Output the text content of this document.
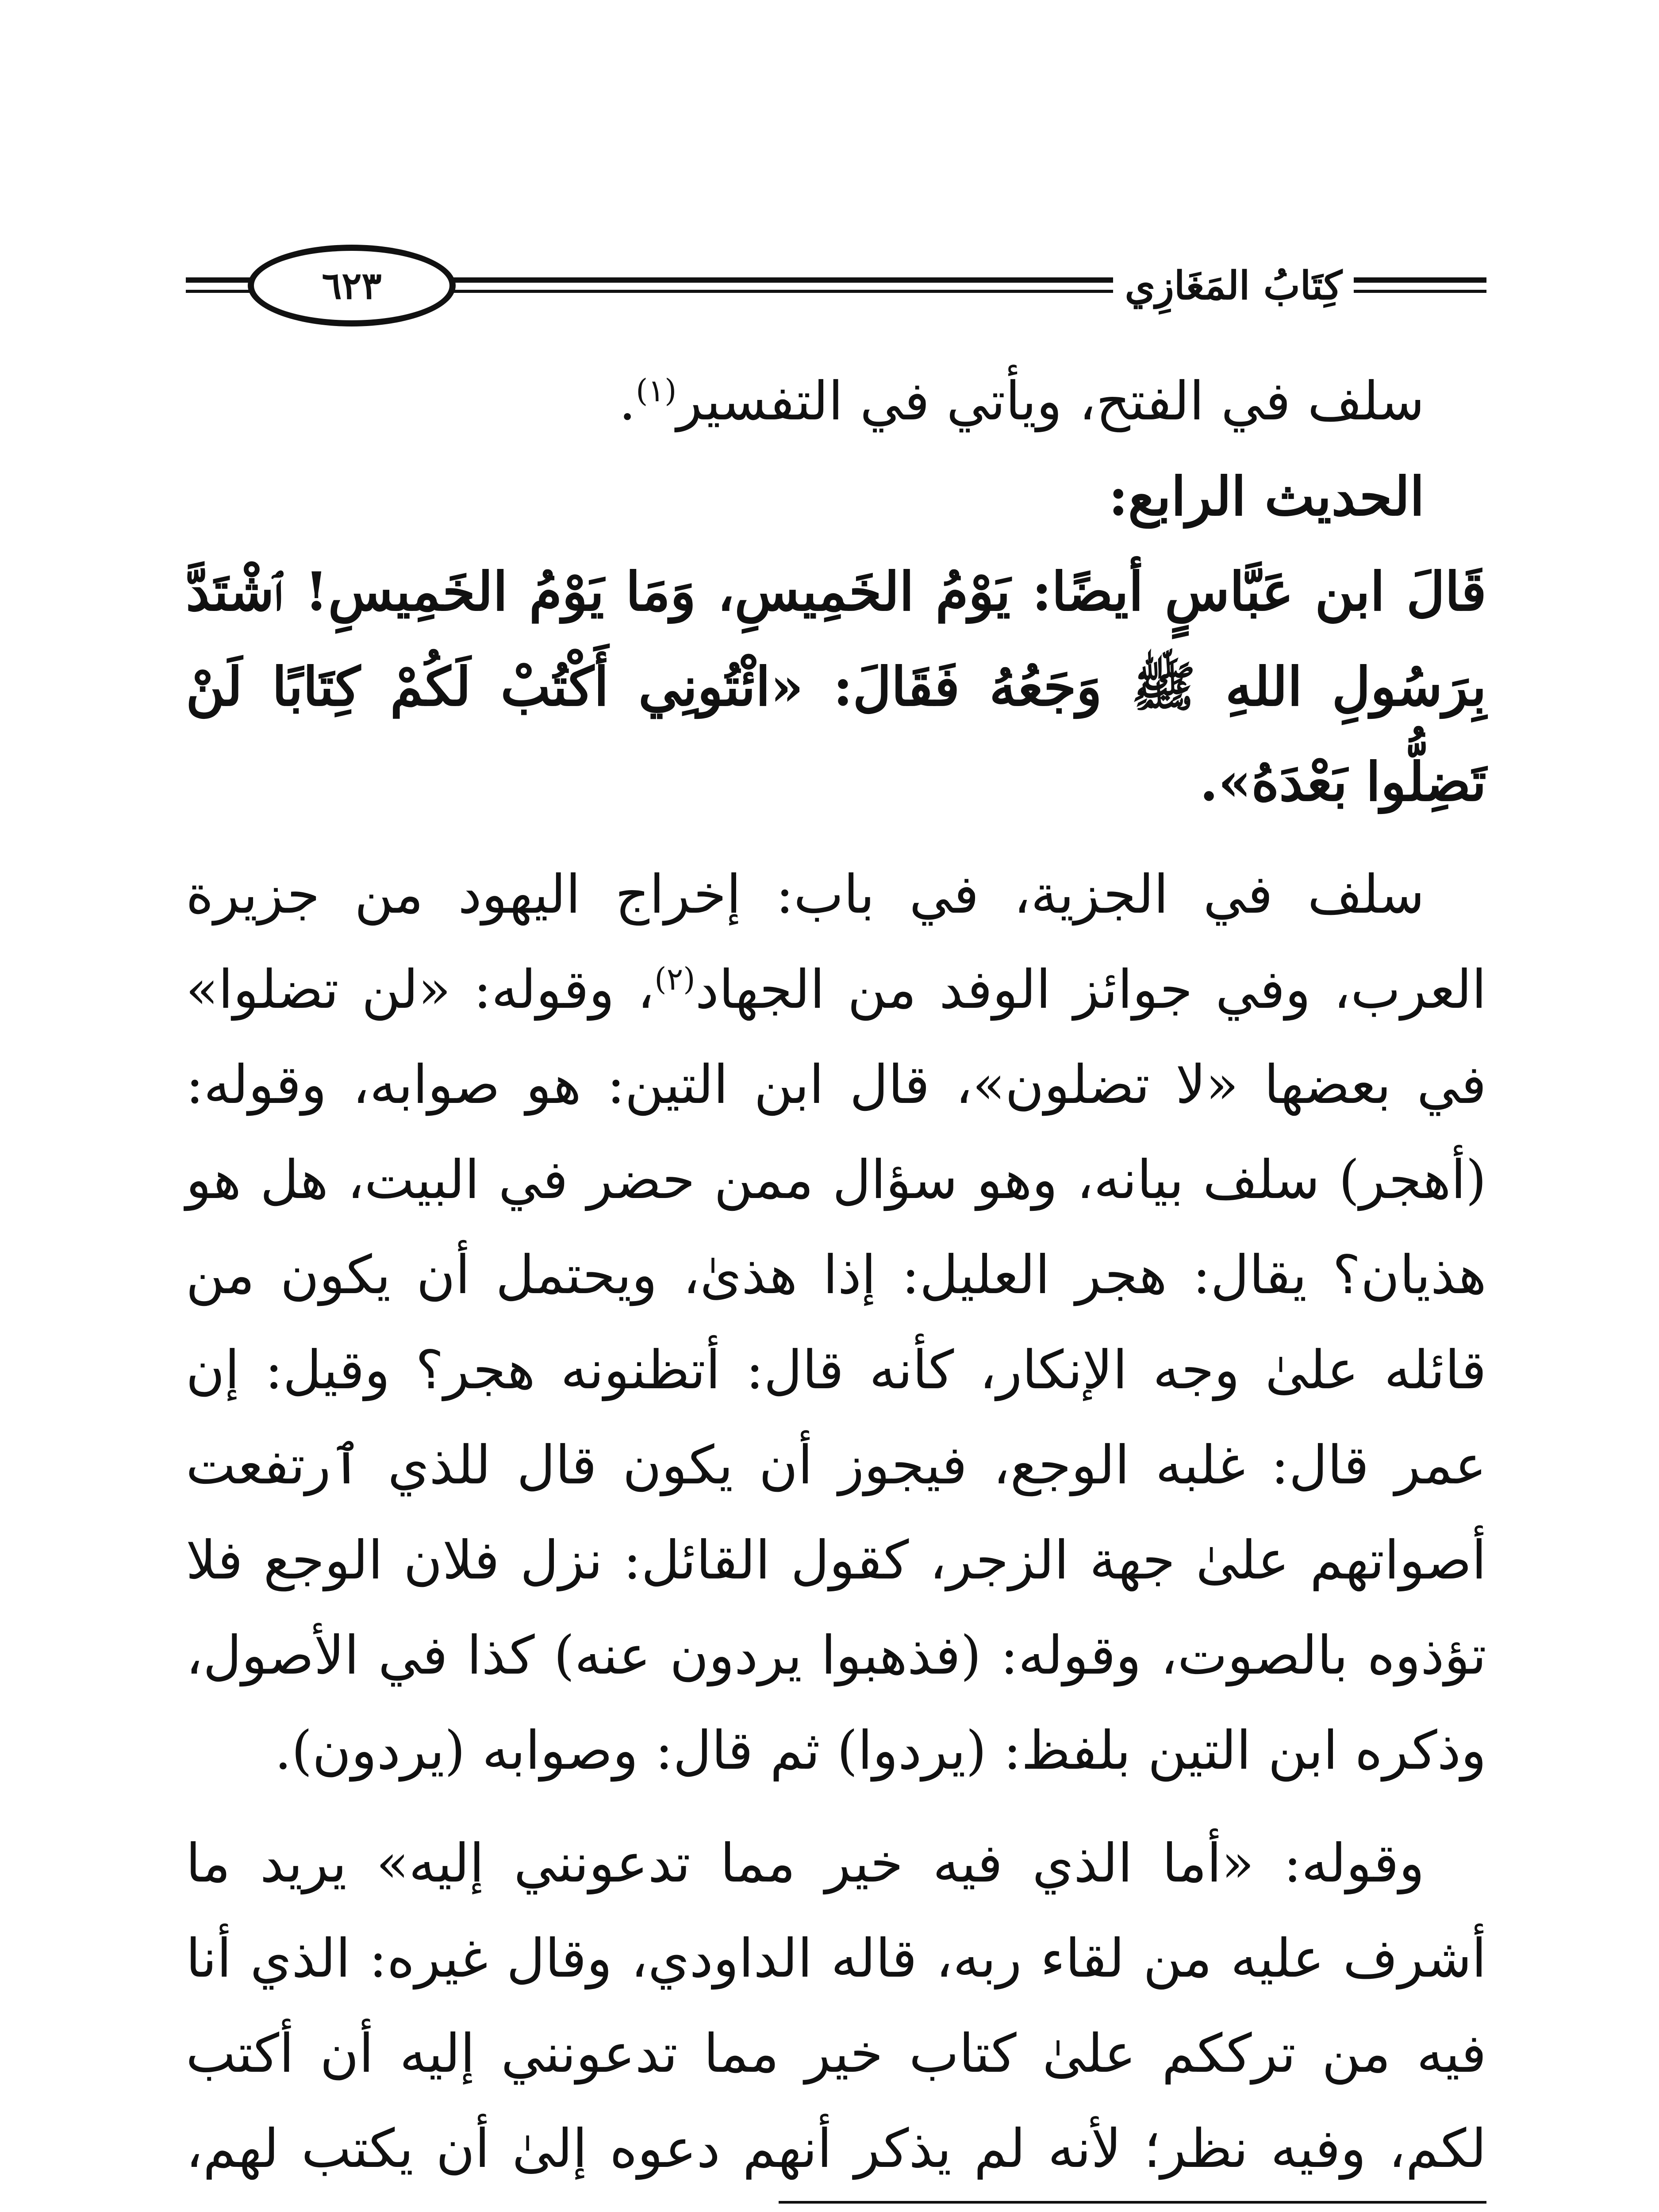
كِتَابُ المَغَازِي
٦٢٣

سلف في الفتح، ويأتي في التفسير$^{(١)}$.

الحديث الرابع:

قَالَ ابن عَبَّاسٍ أيضًا: يَوْمُ الخَمِيسِ، وَمَا يَوْمُ الخَمِيسِ! ٱشْتَدَّ بِرَسُولِ اللهِ ﷺ وَجَعُهُ فَقَالَ: «ائْتُونِي أَكْتُبْ لَكُمْ كِتَابًا لَنْ تَضِلُّوا بَعْدَهُ».

سلف في الجزية، في باب: إخراج اليهود من جزيرة العرب، وفي جوائز الوفد من الجهاد$^{(٢)}$، وقوله: «لن تضلوا» في بعضها «لا تضلون»، قال ابن التين: هو صوابه، وقوله: (أهجر) سلف بيانه، وهو سؤال ممن حضر في البيت، هل هو هذيان؟ يقال: هجر العليل: إذا هذىٰ، ويحتمل أن يكون من قائله علىٰ وجه الإنكار، كأنه قال: أتظنونه هجر؟ وقيل: إن عمر قال: غلبه الوجع، فيجوز أن يكون قال للذي ٱرتفعت أصواتهم علىٰ جهة الزجر، كقول القائل: نزل فلان الوجع فلا تؤذوه بالصوت، وقوله: (فذهبوا يردون عنه) كذا في الأصول، وذكره ابن التين بلفظ: (يردوا) ثم قال: وصوابه (يردون).

وقوله: «أما الذي فيه خير مما تدعونني إليه» يريد ما أشرف عليه من لقاء ربه، قاله الداودي، وقال غيره: الذي أنا فيه من ترككم علىٰ كتاب خير مما تدعونني إليه أن أكتب لكم، وفيه نظر؛ لأنه لم يذكر أنهم دعوه إلىٰ أن يكتب لهم،
